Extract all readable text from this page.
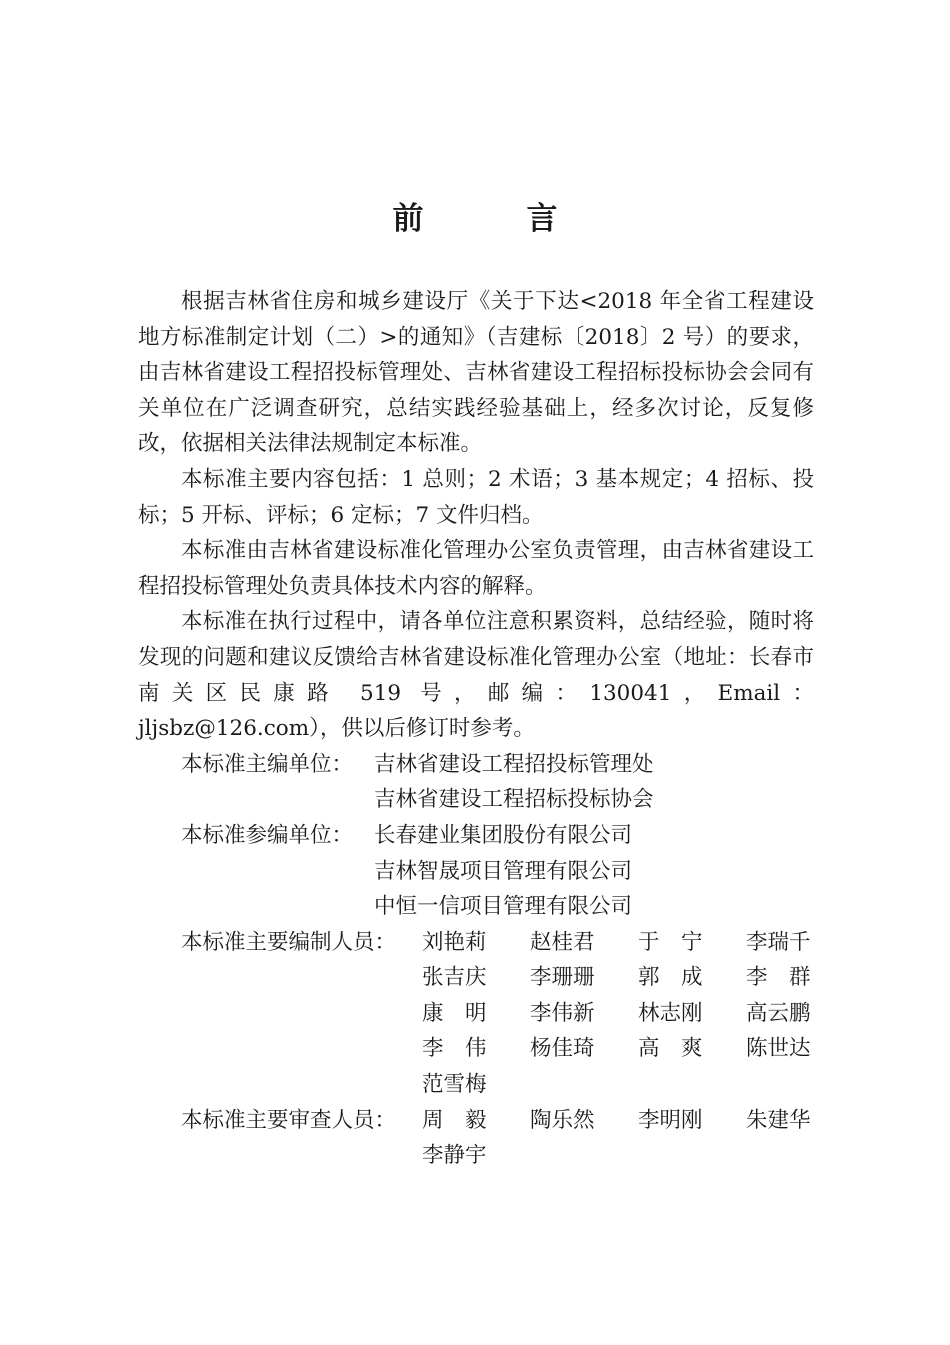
前　言

根据吉林省住房和城乡建设厅《关于下达<2018 年全省工程建设地方标准制定计划（二）>的通知》（吉建标〔2018〕2 号）的要求，由吉林省建设工程招投标管理处、吉林省建设工程招标投标协会会同有关单位在广泛调查研究，总结实践经验基础上，经多次讨论，反复修改，依据相关法律法规制定本标准。

本标准主要内容包括：1 总则；2 术语；3 基本规定；4 招标、投标；5 开标、评标；6 定标；7 文件归档。

本标准由吉林省建设标准化管理办公室负责管理，由吉林省建设工程招投标管理处负责具体技术内容的解释。

本标准在执行过程中，请各单位注意积累资料，总结经验，随时将发现的问题和建议反馈给吉林省建设标准化管理办公室（地址：长春市南关区民康路 519 号，邮编：130041，Email：jljsbz@126.com），供以后修订时参考。

本标准主编单位： 吉林省建设工程招投标管理处
吉林省建设工程招标投标协会
本标准参编单位： 长春建业集团股份有限公司
吉林智晟项目管理有限公司
中恒一信项目管理有限公司
本标准主要编制人员：	刘艳莉	赵桂君	于　宁	李瑞千
张吉庆	李珊珊	郭　成	李　群
康　明	李伟新	林志刚	高云鹏
李　伟	杨佳琦	高　爽	陈世达
范雪梅
本标准主要审查人员：	周　毅	陶乐然	李明刚	朱建华
李静宇
